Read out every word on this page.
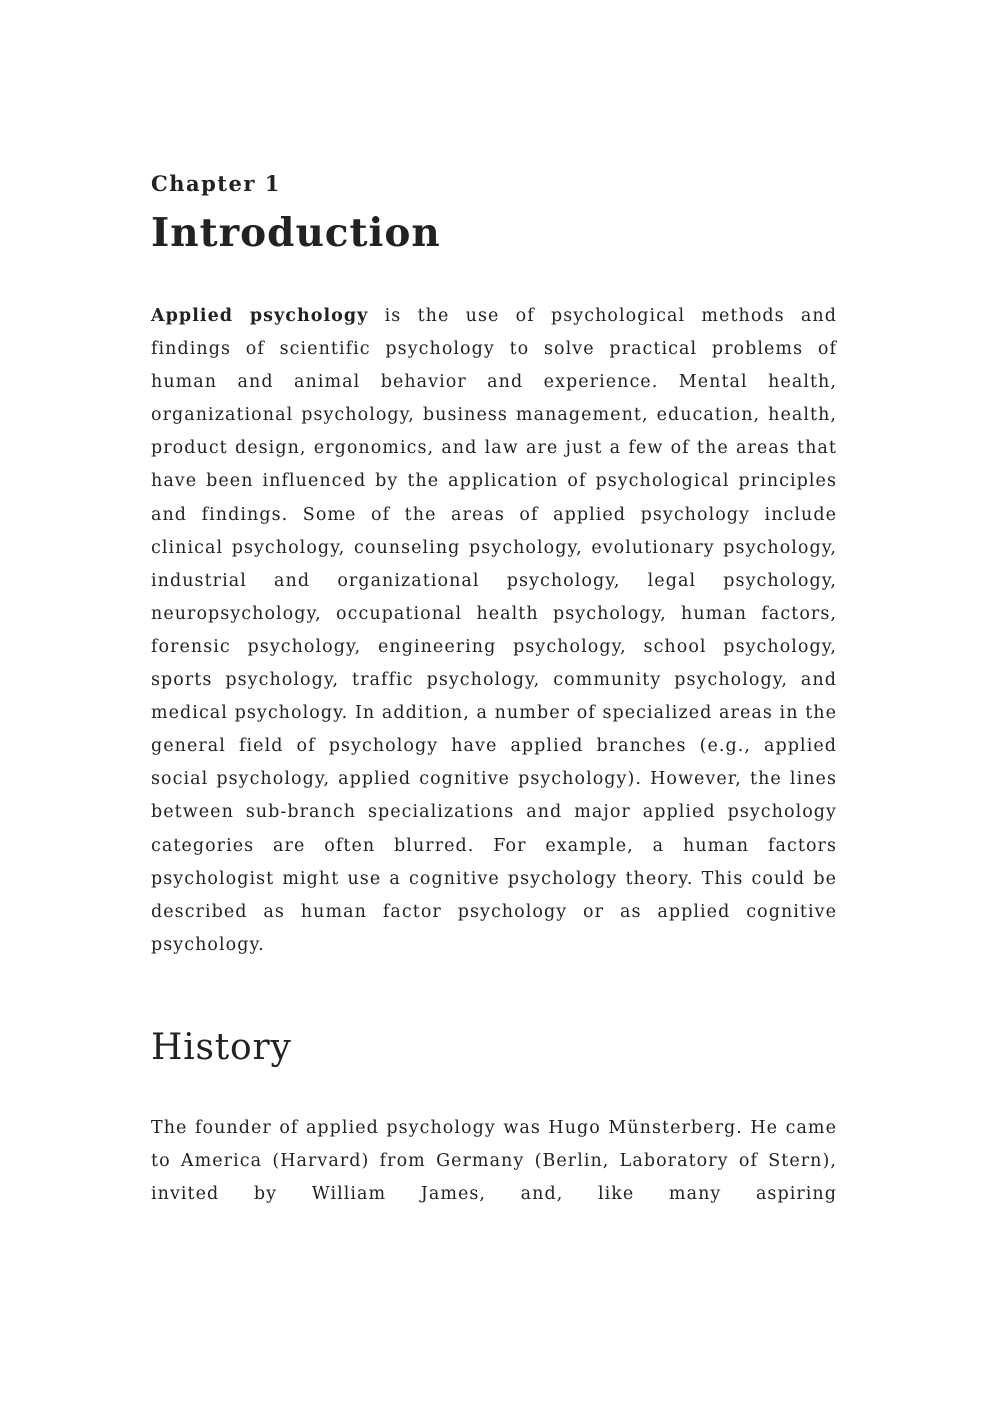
Chapter 1
Introduction

Applied psychology is the use of psychological methods and findings of scientific psychology to solve practical problems of human and animal behavior and experience. Mental health, organizational psychology, business management, education, health, product design, ergonomics, and law are just a few of the areas that have been influenced by the application of psychological principles and findings. Some of the areas of applied psychology include clinical psychology, counseling psychology, evolutionary psychology, industrial and organizational psychology, legal psychology, neuropsychology, occupational health psychology, human factors, forensic psychology, engineering psychology, school psychology, sports psychology, traffic psychology, community psychology, and medical psychology. In addition, a number of specialized areas in the general field of psychology have applied branches (e.g., applied social psychology, applied cognitive psychology). However, the lines between sub-branch specializations and major applied psychology categories are often blurred. For example, a human factors psychologist might use a cognitive psychology theory. This could be described as human factor psychology or as applied cognitive psychology.

History

The founder of applied psychology was Hugo Münsterberg. He came to America (Harvard) from Germany (Berlin, Laboratory of Stern), invited by William James, and, like many aspiring
